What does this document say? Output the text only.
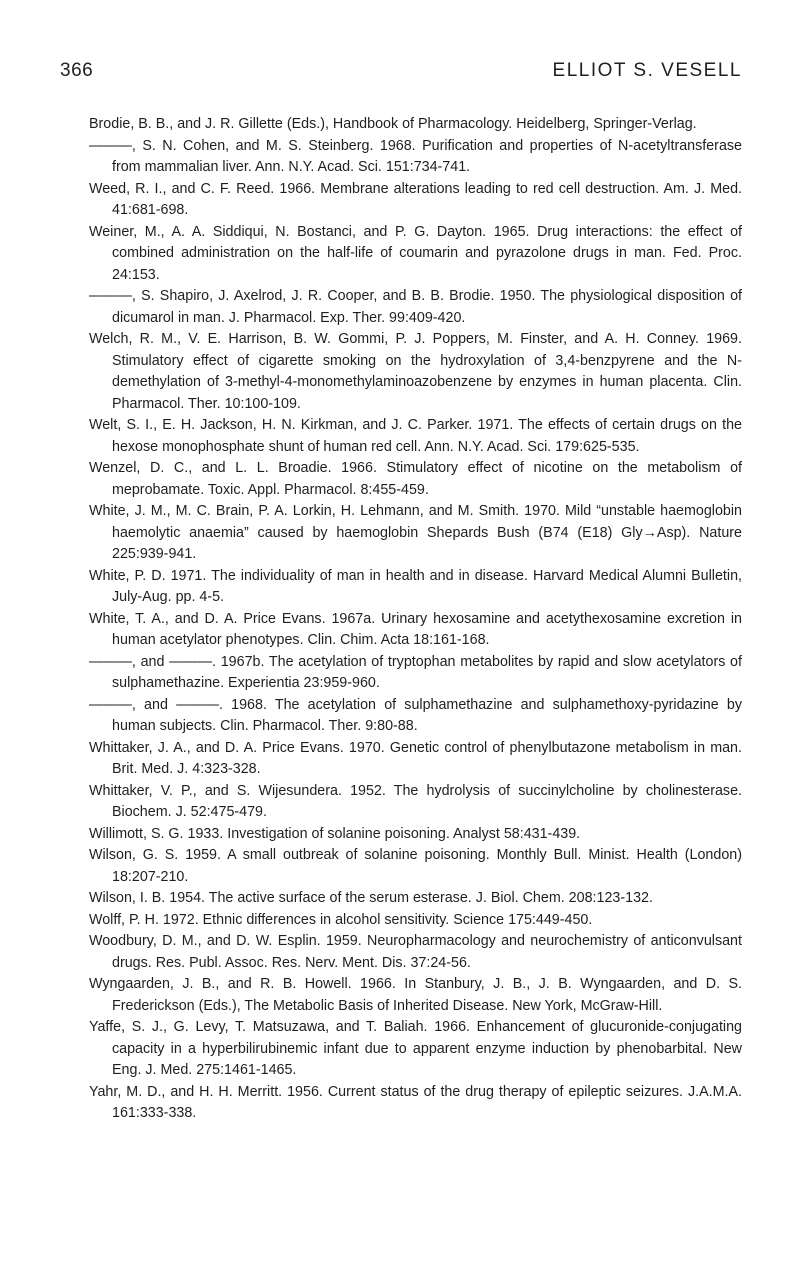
366	ELLIOT S. VESELL

Brodie, B. B., and J. R. Gillette (Eds.), Handbook of Pharmacology. Heidelberg, Springer-Verlag.

———, S. N. Cohen, and M. S. Steinberg. 1968. Purification and properties of N-acetyltransferase from mammalian liver. Ann. N.Y. Acad. Sci. 151:734-741.

Weed, R. I., and C. F. Reed. 1966. Membrane alterations leading to red cell destruction. Am. J. Med. 41:681-698.

Weiner, M., A. A. Siddiqui, N. Bostanci, and P. G. Dayton. 1965. Drug interactions: the effect of combined administration on the half-life of coumarin and pyrazolone drugs in man. Fed. Proc. 24:153.

———, S. Shapiro, J. Axelrod, J. R. Cooper, and B. B. Brodie. 1950. The physiological disposition of dicumarol in man. J. Pharmacol. Exp. Ther. 99:409-420.

Welch, R. M., V. E. Harrison, B. W. Gommi, P. J. Poppers, M. Finster, and A. H. Conney. 1969. Stimulatory effect of cigarette smoking on the hydroxylation of 3,4-benzpyrene and the N-demethylation of 3-methyl-4-monomethylaminoazobenzene by enzymes in human placenta. Clin. Pharmacol. Ther. 10:100-109.

Welt, S. I., E. H. Jackson, H. N. Kirkman, and J. C. Parker. 1971. The effects of certain drugs on the hexose monophosphate shunt of human red cell. Ann. N.Y. Acad. Sci. 179:625-535.

Wenzel, D. C., and L. L. Broadie. 1966. Stimulatory effect of nicotine on the metabolism of meprobamate. Toxic. Appl. Pharmacol. 8:455-459.

White, J. M., M. C. Brain, P. A. Lorkin, H. Lehmann, and M. Smith. 1970. Mild “unstable haemoglobin haemolytic anaemia” caused by haemoglobin Shepards Bush (B74 (E18) Gly→Asp). Nature 225:939-941.

White, P. D. 1971. The individuality of man in health and in disease. Harvard Medical Alumni Bulletin, July-Aug. pp. 4-5.

White, T. A., and D. A. Price Evans. 1967a. Urinary hexosamine and acetythexosamine excretion in human acetylator phenotypes. Clin. Chim. Acta 18:161-168.

———, and ———. 1967b. The acetylation of tryptophan metabolites by rapid and slow acetylators of sulphamethazine. Experientia 23:959-960.

———, and ———. 1968. The acetylation of sulphamethazine and sulphamethoxy-pyridazine by human subjects. Clin. Pharmacol. Ther. 9:80-88.

Whittaker, J. A., and D. A. Price Evans. 1970. Genetic control of phenylbutazone metabolism in man. Brit. Med. J. 4:323-328.

Whittaker, V. P., and S. Wijesundera. 1952. The hydrolysis of succinylcholine by cholinesterase. Biochem. J. 52:475-479.

Willimott, S. G. 1933. Investigation of solanine poisoning. Analyst 58:431-439.

Wilson, G. S. 1959. A small outbreak of solanine poisoning. Monthly Bull. Minist. Health (London) 18:207-210.

Wilson, I. B. 1954. The active surface of the serum esterase. J. Biol. Chem. 208:123-132.

Wolff, P. H. 1972. Ethnic differences in alcohol sensitivity. Science 175:449-450.

Woodbury, D. M., and D. W. Esplin. 1959. Neuropharmacology and neurochemistry of anticonvulsant drugs. Res. Publ. Assoc. Res. Nerv. Ment. Dis. 37:24-56.

Wyngaarden, J. B., and R. B. Howell. 1966. In Stanbury, J. B., J. B. Wyngaarden, and D. S. Frederickson (Eds.), The Metabolic Basis of Inherited Disease. New York, McGraw-Hill.

Yaffe, S. J., G. Levy, T. Matsuzawa, and T. Baliah. 1966. Enhancement of glucuronide-conjugating capacity in a hyperbilirubinemic infant due to apparent enzyme induction by phenobarbital. New Eng. J. Med. 275:1461-1465.

Yahr, M. D., and H. H. Merritt. 1956. Current status of the drug therapy of epileptic seizures. J.A.M.A. 161:333-338.
